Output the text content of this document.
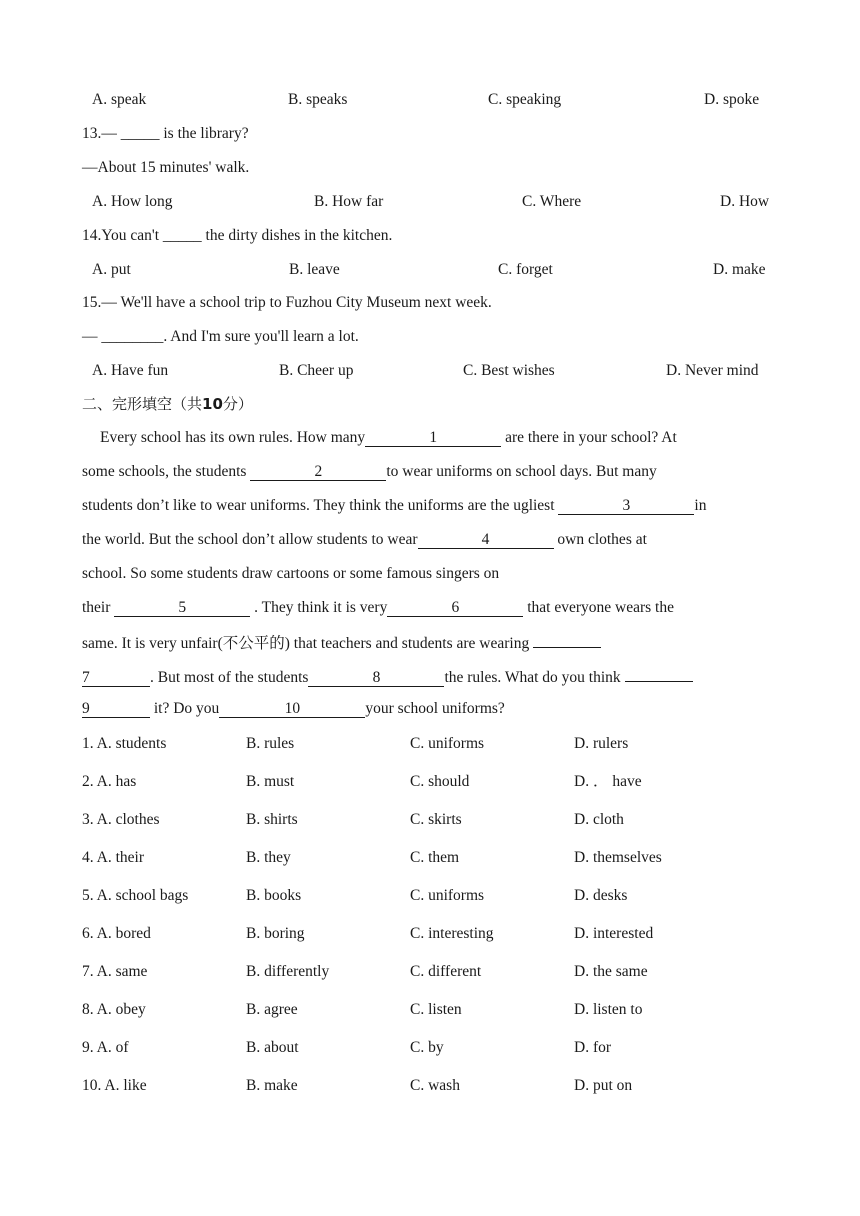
A. speak	B. speaks	C. speaking	D. spoke
13.— _____ is the library?
—About 15 minutes' walk.
A. How long	B. How far	C. Where	D. How
14.You can't _____ the dirty dishes in the kitchen.
A. put	B. leave	C. forget	D. make
15.— We'll have a school trip to Fuzhou City Museum next week.
— ________. And I'm sure you'll learn a lot.
A. Have fun	B. Cheer up	C. Best wishes	D. Never mind
二、完形填空（共10分）
Every school has its own rules. How many	1	are there in your school? At
some schools, the students	2	to wear uniforms on school days. But many
students don’t like to wear uniforms. They think the uniforms are the ugliest	3	in
the world. But the school don’t allow students to wear	4	own clothes at
school. So some students draw cartoons or some famous singers on
their	5	. They think it is very	6	that everyone wears the
same. It is very unfair(不公平的) that teachers and students are wearing
7	. But most of the students	8	the rules. What do you think
9	it? Do you	10	your school uniforms?
1. A. students	B. rules	C. uniforms	D. rulers
2. A. has	B. must	C. should	D. ． have
3. A. clothes	B. shirts	C. skirts	D. cloth
4. A. their	B. they	C. them	D. themselves
5. A. school bags	B. books	C. uniforms	D. desks
6. A. bored	B. boring	C. interesting	D. interested
7. A. same	B. differently	C. different	D. the same
8. A. obey	B. agree	C. listen	D. listen to
9. A. of	B. about	C. by	D. for
10. A. like	B. make	C. wash	D. put on
